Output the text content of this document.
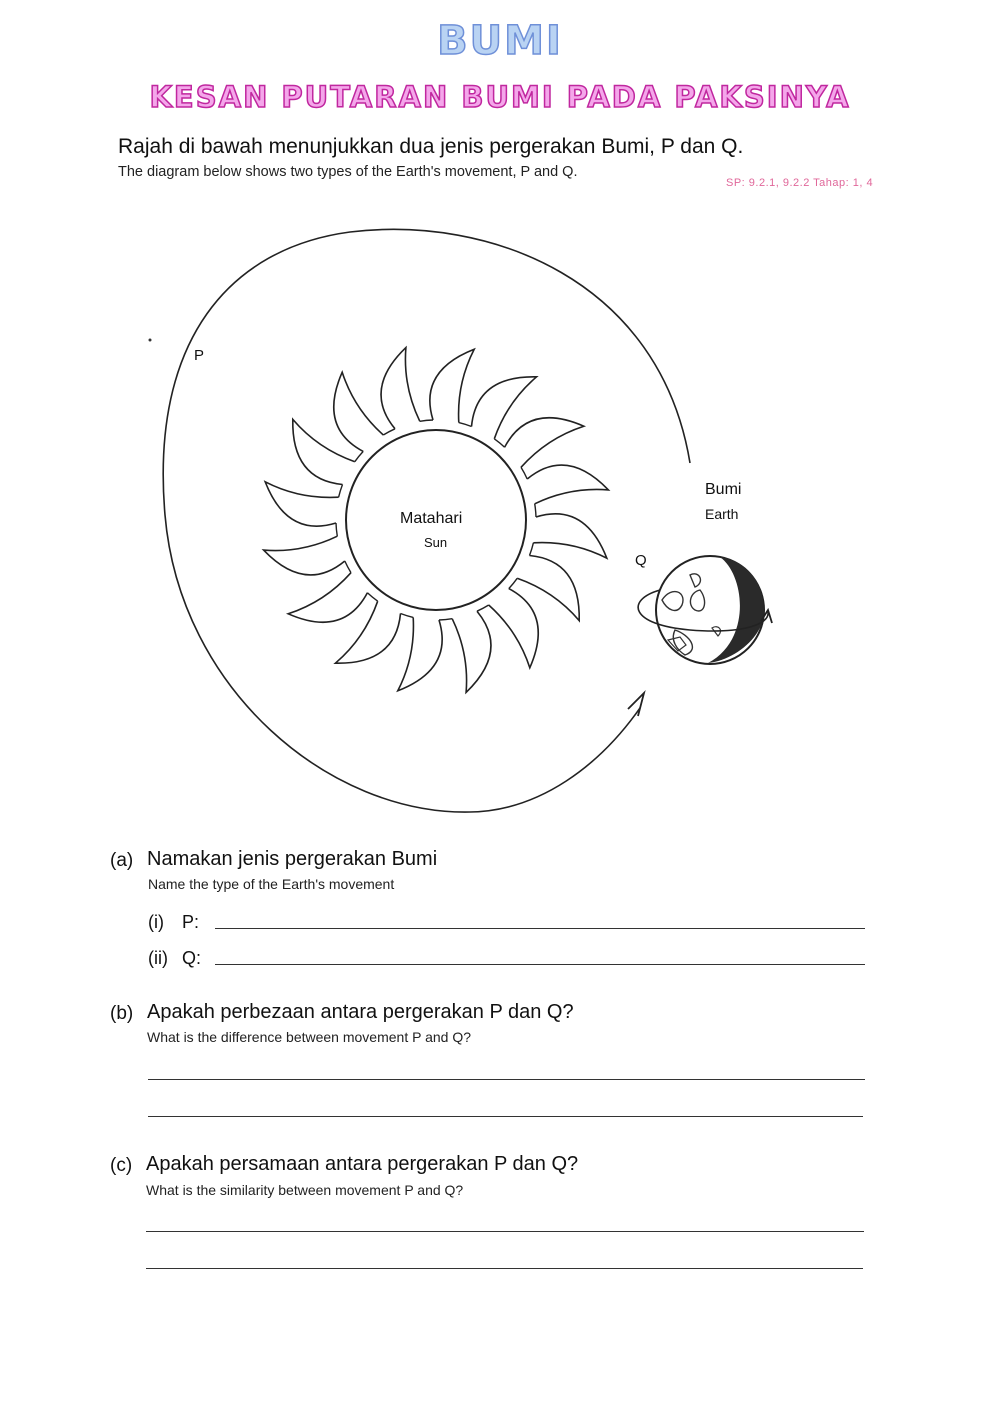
BUMI
KESAN PUTARAN BUMI PADA PAKSINYA
Rajah di bawah menunjukkan dua jenis pergerakan Bumi, P dan Q.
The diagram below shows two types of the Earth's movement, P and Q.
SP: 9.2.1, 9.2.2 Tahap: 1, 4
P
Q
Matahari
Sun
Bumi
Earth
(a) Namakan jenis pergerakan Bumi
Name the type of the Earth's movement
(i) P:
(ii) Q:
(b) Apakah perbezaan antara pergerakan P dan Q?
What is the difference between movement P and Q?
(c) Apakah persamaan antara pergerakan P dan Q?
What is the similarity between movement P and Q?
